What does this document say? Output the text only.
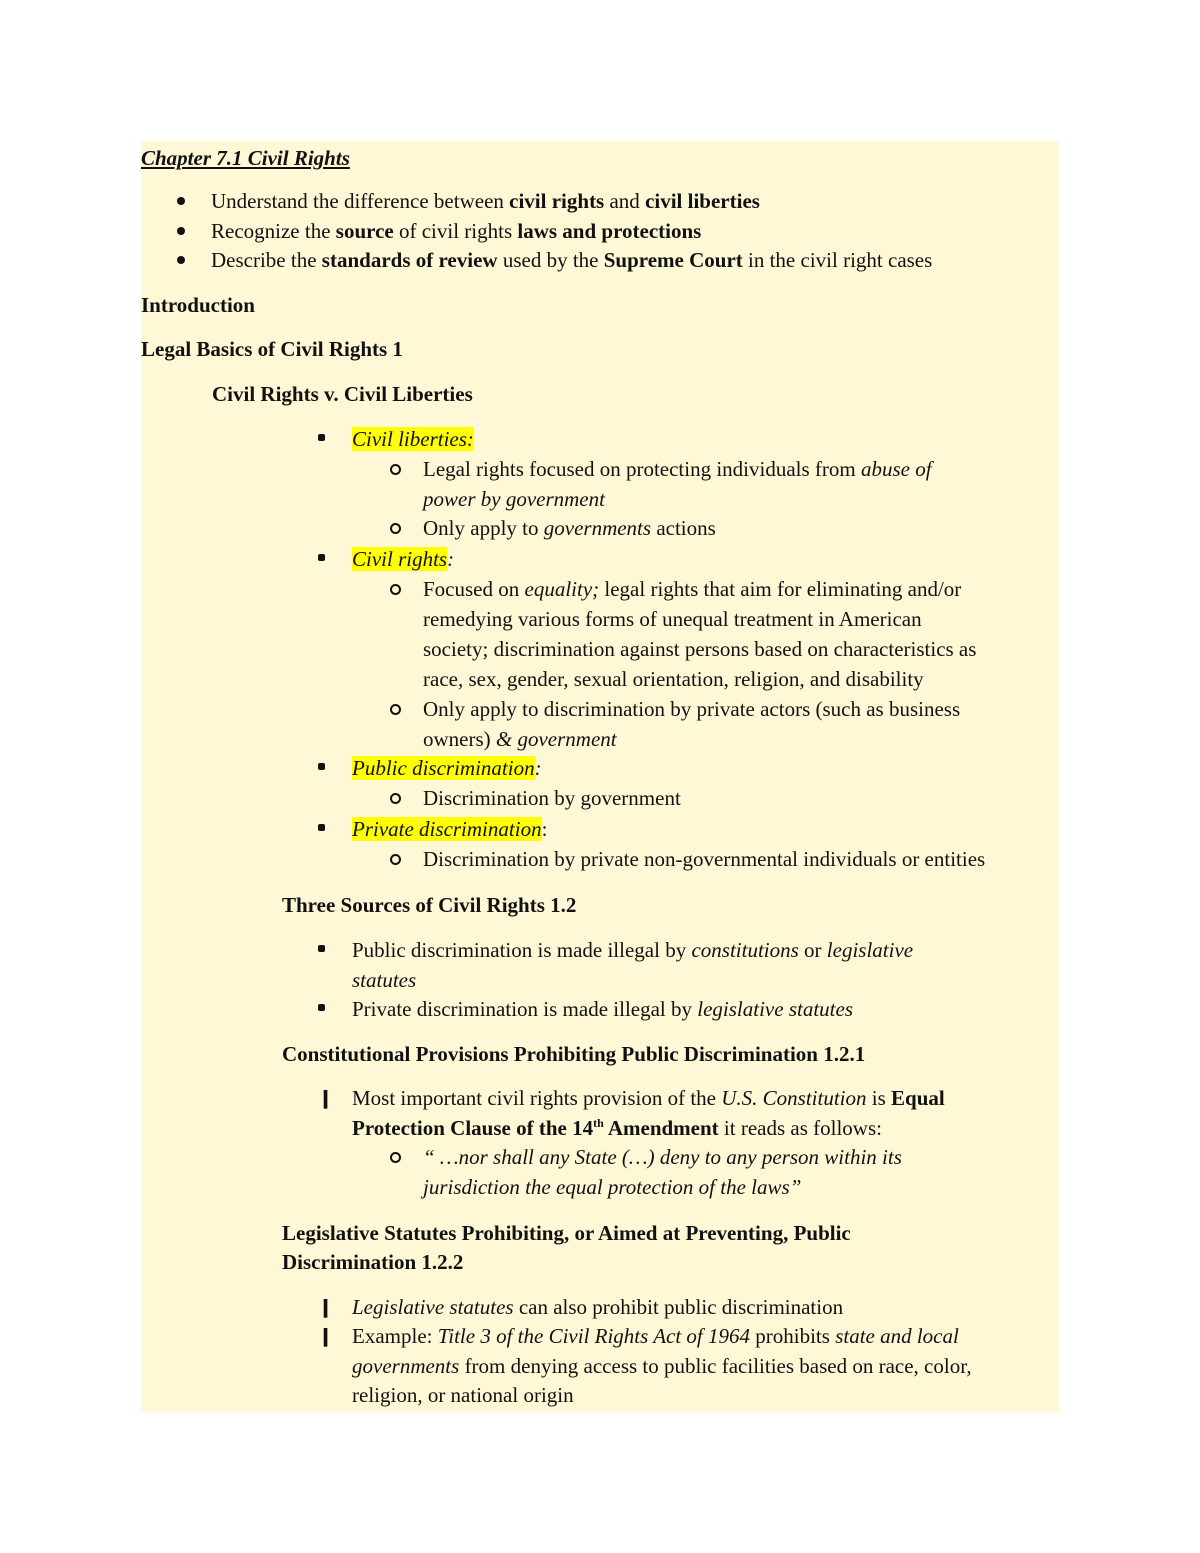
Chapter 7.1 Civil Rights
Understand the difference between civil rights and civil liberties
Recognize the source of civil rights laws and protections
Describe the standards of review used by the Supreme Court in the civil right cases
Introduction
Legal Basics of Civil Rights 1
Civil Rights v. Civil Liberties
Civil liberties:
Legal rights focused on protecting individuals from abuse of
power by government
Only apply to governments actions
Civil rights:
Focused on equality; legal rights that aim for eliminating and/or
remedying various forms of unequal treatment in American
society; discrimination against persons based on characteristics as
race, sex, gender, sexual orientation, religion, and disability
Only apply to discrimination by private actors (such as business
owners) & government
Public discrimination:
Discrimination by government
Private discrimination:
Discrimination by private non-governmental individuals or entities
Three Sources of Civil Rights 1.2
Public discrimination is made illegal by constitutions or legislative
statutes
Private discrimination is made illegal by legislative statutes
Constitutional Provisions Prohibiting Public Discrimination 1.2.1
❙ Most important civil rights provision of the U.S. Constitution is Equal
Protection Clause of the 14th Amendment it reads as follows:
“ …nor shall any State (…) deny to any person within its
jurisdiction the equal protection of the laws”
Legislative Statutes Prohibiting, or Aimed at Preventing, Public
Discrimination 1.2.2
❙ Legislative statutes can also prohibit public discrimination
❙ Example: Title 3 of the Civil Rights Act of 1964 prohibits state and local
governments from denying access to public facilities based on race, color,
religion, or national origin
